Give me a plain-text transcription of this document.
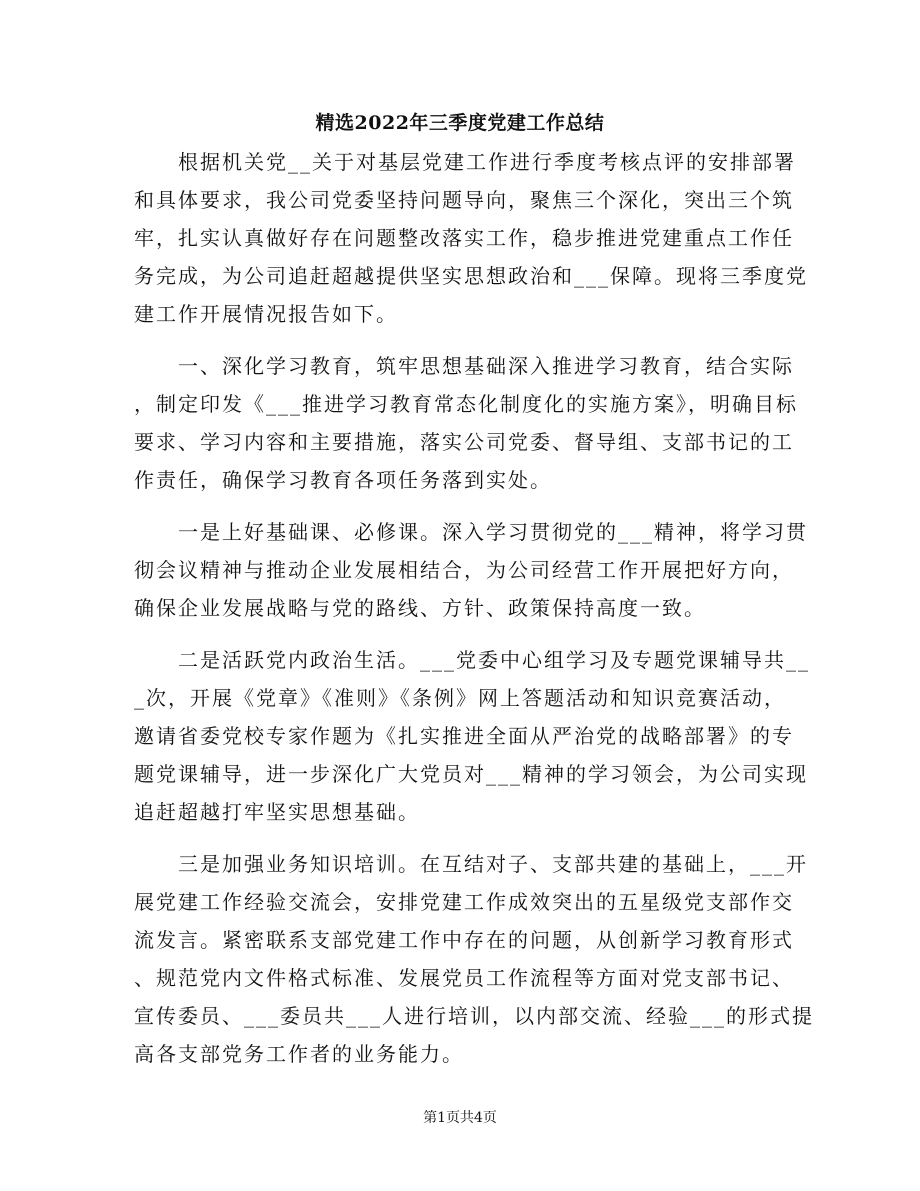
精选2022年三季度党建工作总结

根据机关党__关于对基层党建工作进行季度考核点评的安排部署
和具体要求，我公司党委坚持问题导向，聚焦三个深化，突出三个筑
牢，扎实认真做好存在问题整改落实工作，稳步推进党建重点工作任
务完成，为公司追赶超越提供坚实思想政治和___保障。现将三季度党
建工作开展情况报告如下。

一、深化学习教育，筑牢思想基础深入推进学习教育，结合实际
，制定印发《___推进学习教育常态化制度化的实施方案》，明确目标
要求、学习内容和主要措施，落实公司党委、督导组、支部书记的工
作责任，确保学习教育各项任务落到实处。

一是上好基础课、必修课。深入学习贯彻党的___精神，将学习贯
彻会议精神与推动企业发展相结合，为公司经营工作开展把好方向，
确保企业发展战略与党的路线、方针、政策保持高度一致。

二是活跃党内政治生活。___党委中心组学习及专题党课辅导共__
_次，开展《党章》《准则》《条例》网上答题活动和知识竞赛活动，
邀请省委党校专家作题为《扎实推进全面从严治党的战略部署》的专
题党课辅导，进一步深化广大党员对___精神的学习领会，为公司实现
追赶超越打牢坚实思想基础。

三是加强业务知识培训。在互结对子、支部共建的基础上，___开
展党建工作经验交流会，安排党建工作成效突出的五星级党支部作交
流发言。紧密联系支部党建工作中存在的问题，从创新学习教育形式
、规范党内文件格式标准、发展党员工作流程等方面对党支部书记、
宣传委员、___委员共___人进行培训，以内部交流、经验___的形式提
高各支部党务工作者的业务能力。

第1页共4页
